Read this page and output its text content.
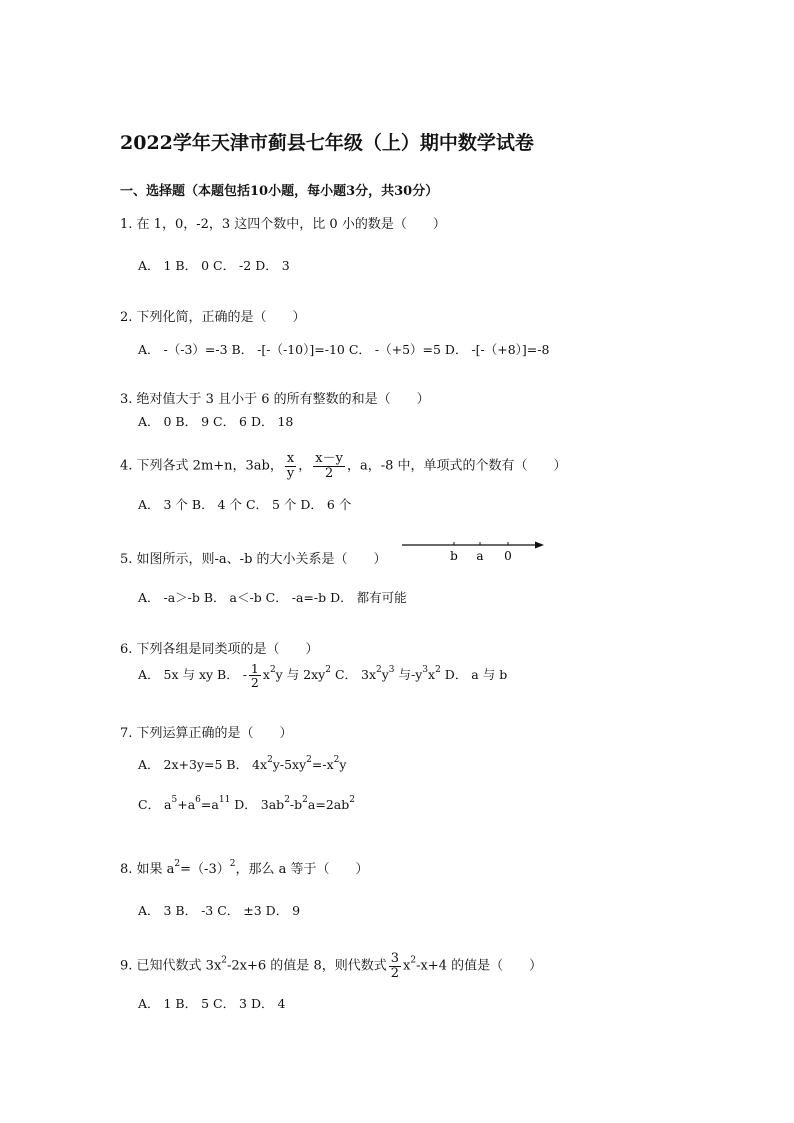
2022学年天津市蓟县七年级（上）期中数学试卷
一、选择题（本题包括10小题，每小题3分，共30分）
1. 在 1，0，-2，3 这四个数中，比 0 小的数是（　　）
A． 1 B． 0 C． -2 D． 3
2. 下列化简，正确的是（　　）
A． -（-3）=-3 B． -[-（-10）]=-10 C． -（+5）=5 D． -[-（+8）]=-8
3. 绝对值大于 3 且小于 6 的所有整数的和是（　　）
A． 0 B． 9 C． 6 D． 18
4. 下列各式 2m+n，3ab， $\frac{x}{y}$ ， $\frac{x-y}{2}$ ，a，-8 中，单项式的个数有（　　）
A． 3 个 B． 4 个 C． 5 个 D． 6 个
5. 如图所示，则-a、-b 的大小关系是（　　）	b a 0
A． -a＞-b B． a＜-b C． -a=-b D． 都有可能
6. 下列各组是同类项的是（　　）
A． 5x 与 xy B． - $\frac{1}{2} x^2y$ 与 $2xy^2$ C． $3x^2y^3$ 与$-y^3x^2$ D． a 与 b
7. 下列运算正确的是（　　）
A． 2x+3y=5 B． $4x^2y-5xy^2=-x^2y$
C． $a^5+a^6=a^{11}$ D． $3ab^2-b^2a=2ab^2$
8. 如果 $a^2=(-3)^2$，那么 a 等于（　　）
A． 3 B． -3 C． ±3 D． 9
9. 已知代数式 $3x^2-2x+6$ 的值是 8，则代数式 $\frac{3}{2} x^2-x+4$ 的值是（　　）
A． 1 B． 5 C． 3 D． 4
